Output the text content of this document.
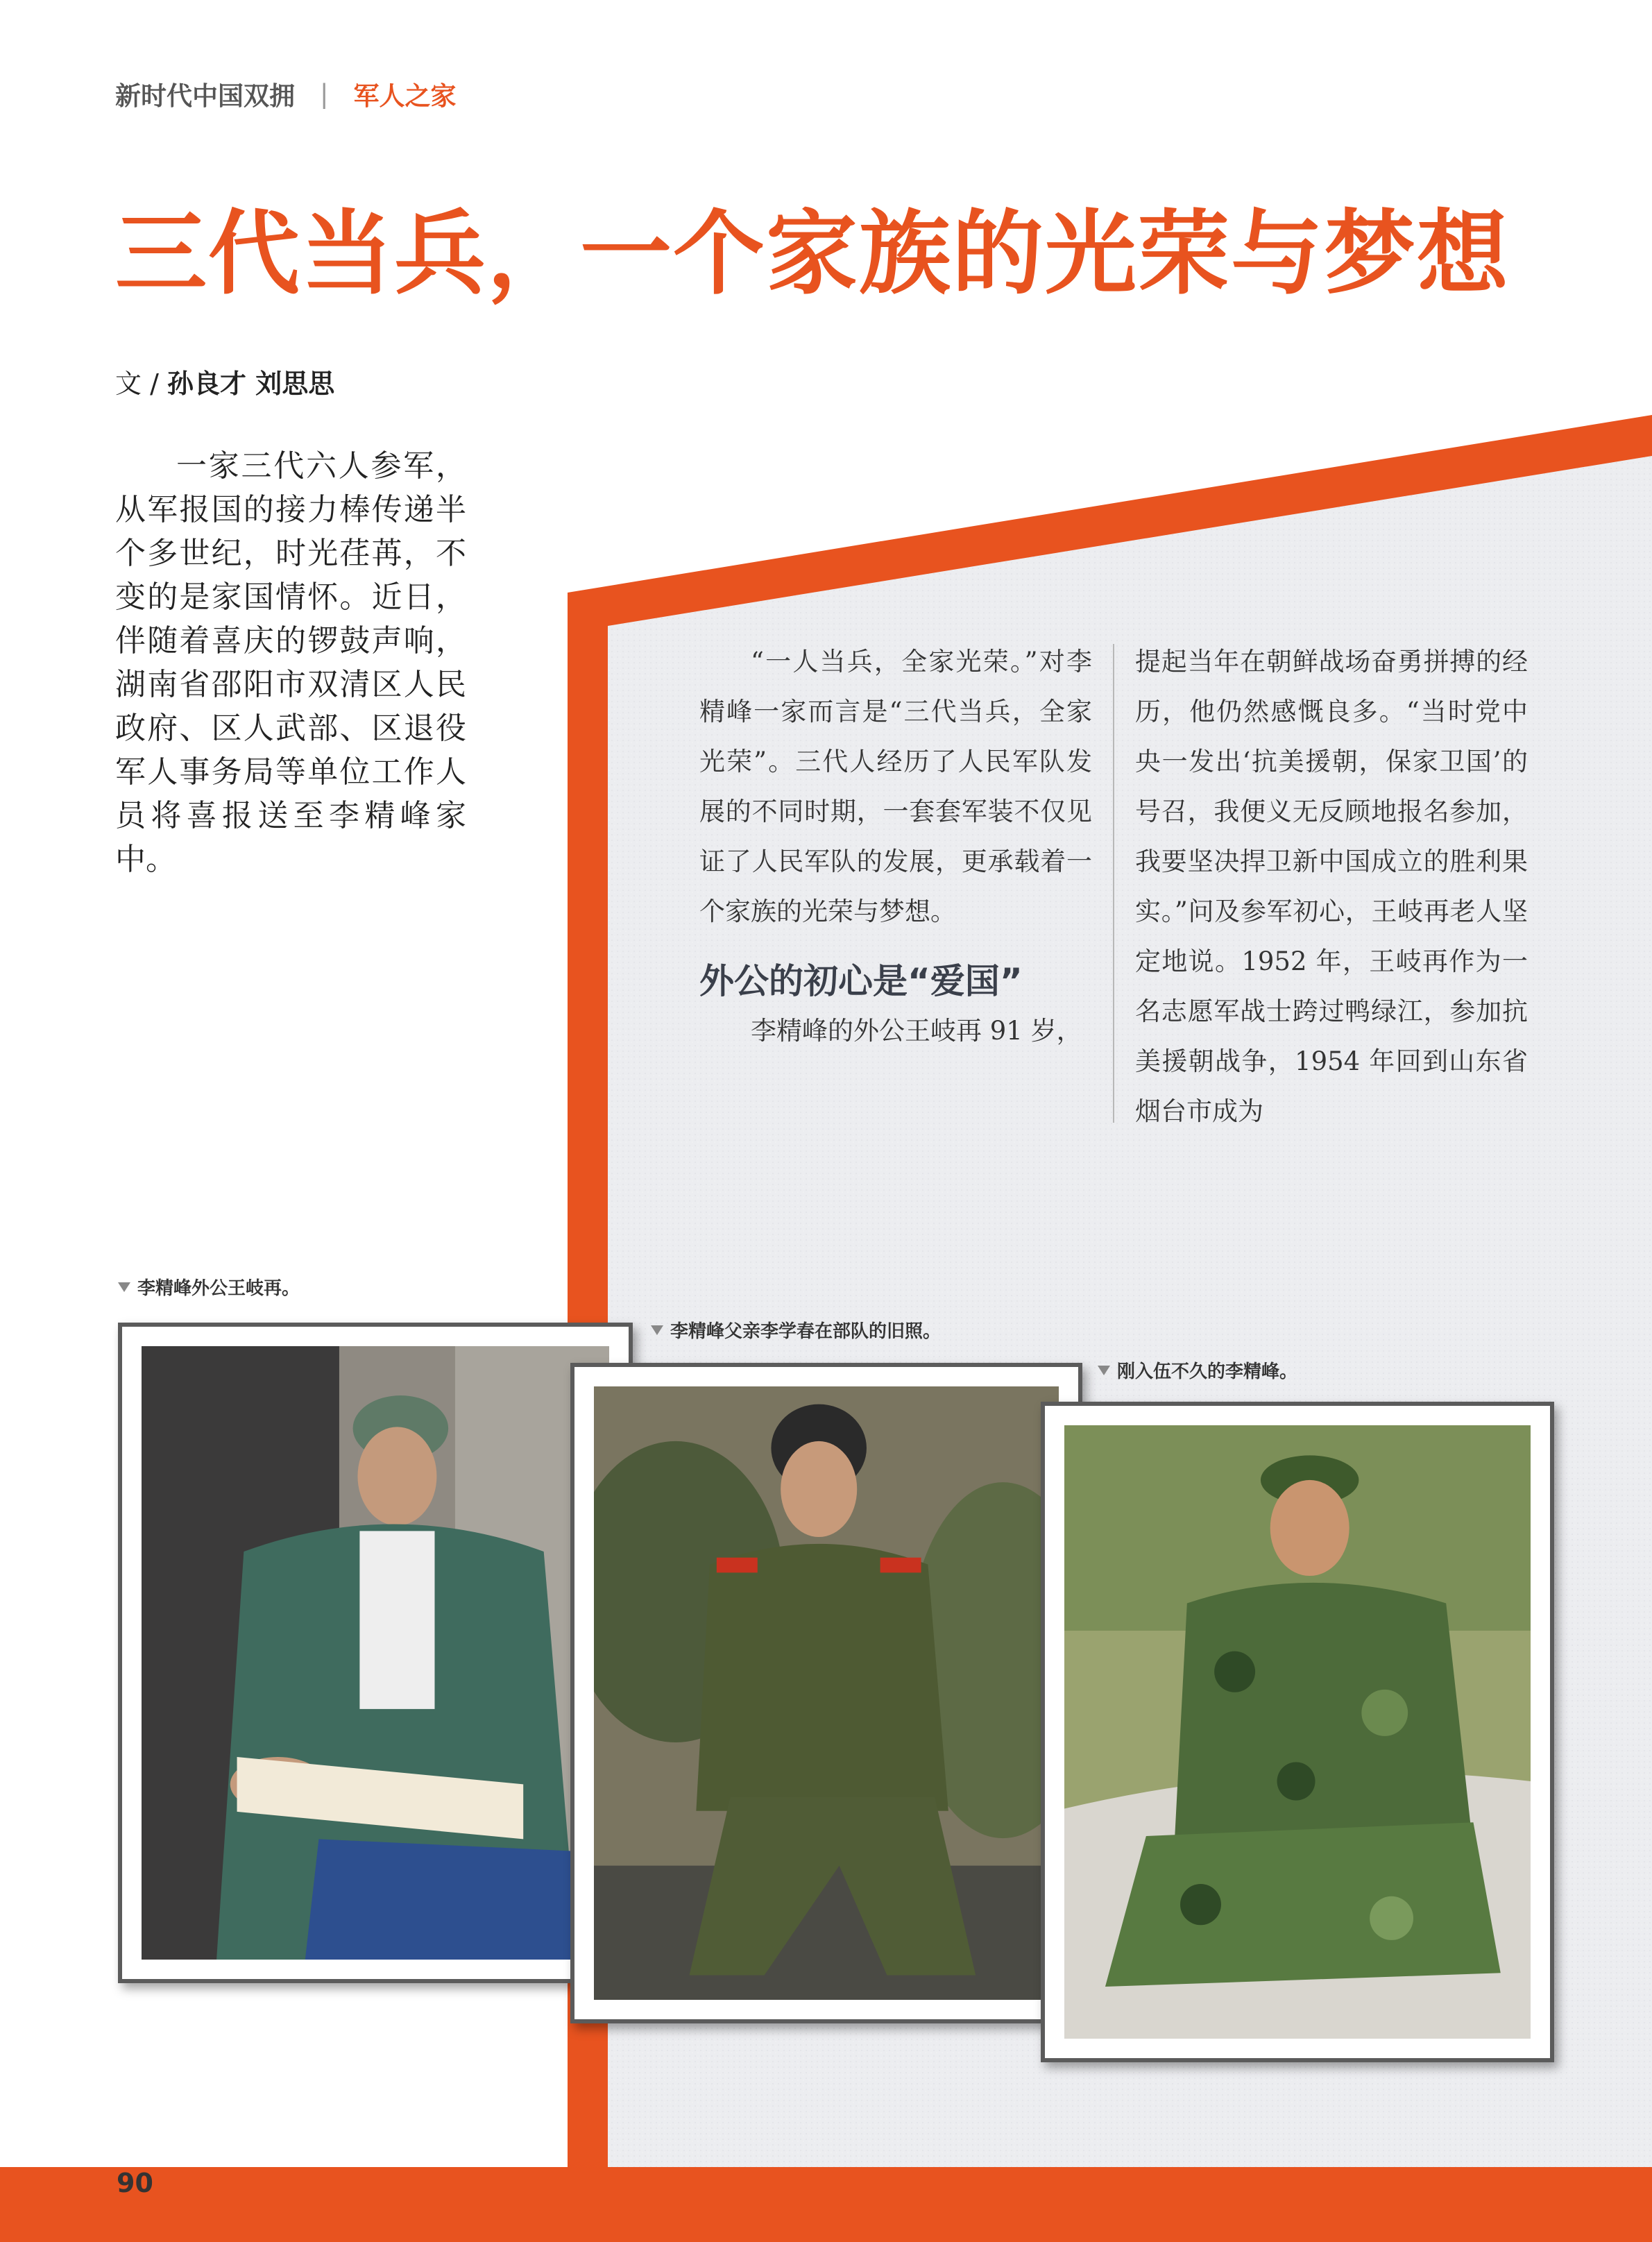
新时代中国双拥 | 军人之家
三代当兵，一个家族的光荣与梦想
文 / 孙良才 刘思思

一家三代六人参军，从军报国的接力棒传递半个多世纪，时光荏苒，不变的是家国情怀。近日，伴随着喜庆的锣鼓声响，湖南省邵阳市双清区人民政府、区人武部、区退役军人事务局等单位工作人员将喜报送至李精峰家中。

“一人当兵，全家光荣。”对李精峰一家而言是“三代当兵，全家光荣”。三代人经历了人民军队发展的不同时期，一套套军装不仅见证了人民军队的发展，更承载着一个家族的光荣与梦想。

外公的初心是“爱国”

李精峰的外公王岐再 91 岁，

提起当年在朝鲜战场奋勇拼搏的经历，他仍然感慨良多。“当时党中央一发出‘抗美援朝，保家卫国’的号召，我便义无反顾地报名参加，我要坚决捍卫新中国成立的胜利果实。”问及参军初心，王岐再老人坚定地说。1952 年，王岐再作为一名志愿军战士跨过鸭绿江，参加抗美援朝战争，1954 年回到山东省烟台市成为

李精峰外公王岐再。
李精峰父亲李学春在部队的旧照。
刚入伍不久的李精峰。
90
